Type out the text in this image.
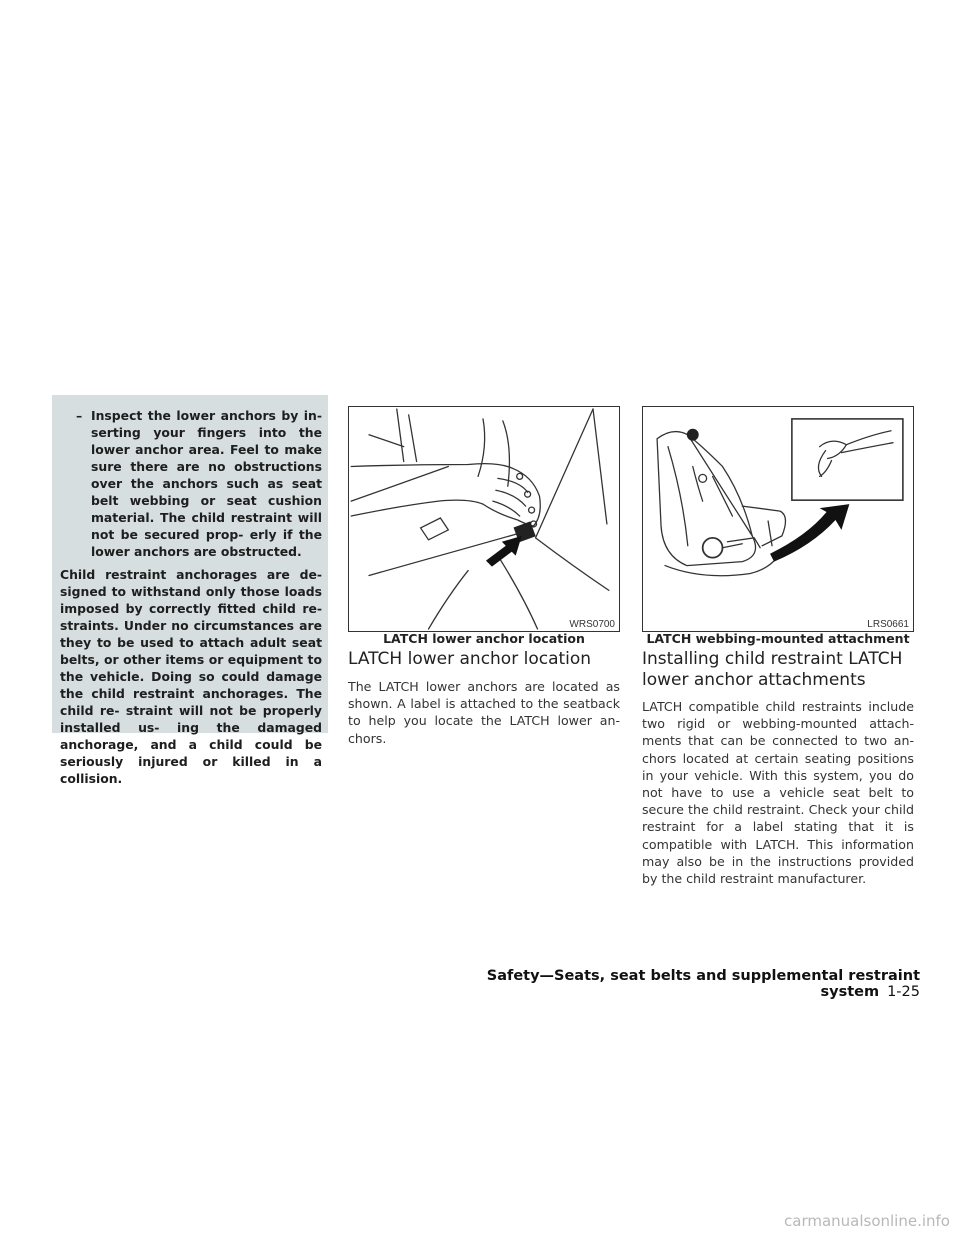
– Inspect the lower anchors by in- serting your fingers into the lower anchor area. Feel to make sure there are no obstructions over the anchors such as seat belt webbing or seat cushion material. The child restraint will not be secured prop- erly if the lower anchors are obstructed.
Child restraint anchorages are de- signed to withstand only those loads imposed by correctly fitted child re- straints. Under no circumstances are they to be used to attach adult seat belts, or other items or equipment to the vehicle. Doing so could damage the child restraint anchorages. The child re- straint will not be properly installed us- ing the damaged anchorage, and a child could be seriously injured or killed in a collision.
WRS0700
LATCH lower anchor location
LRS0661
LATCH webbing-mounted attachment
LATCH lower anchor location
The LATCH lower anchors are located as shown. A label is attached to the seatback to help you locate the LATCH lower an- chors.
Installing child restraint LATCH lower anchor attachments
LATCH compatible child restraints include two rigid or webbing-mounted attach- ments that can be connected to two an- chors located at certain seating positions in your vehicle. With this system, you do not have to use a vehicle seat belt to secure the child restraint. Check your child restraint for a label stating that it is compatible with LATCH. This information may also be in the instructions provided by the child restraint manufacturer.
Safety—Seats, seat belts and supplemental restraint system 1-25
carmanualsonline.info
